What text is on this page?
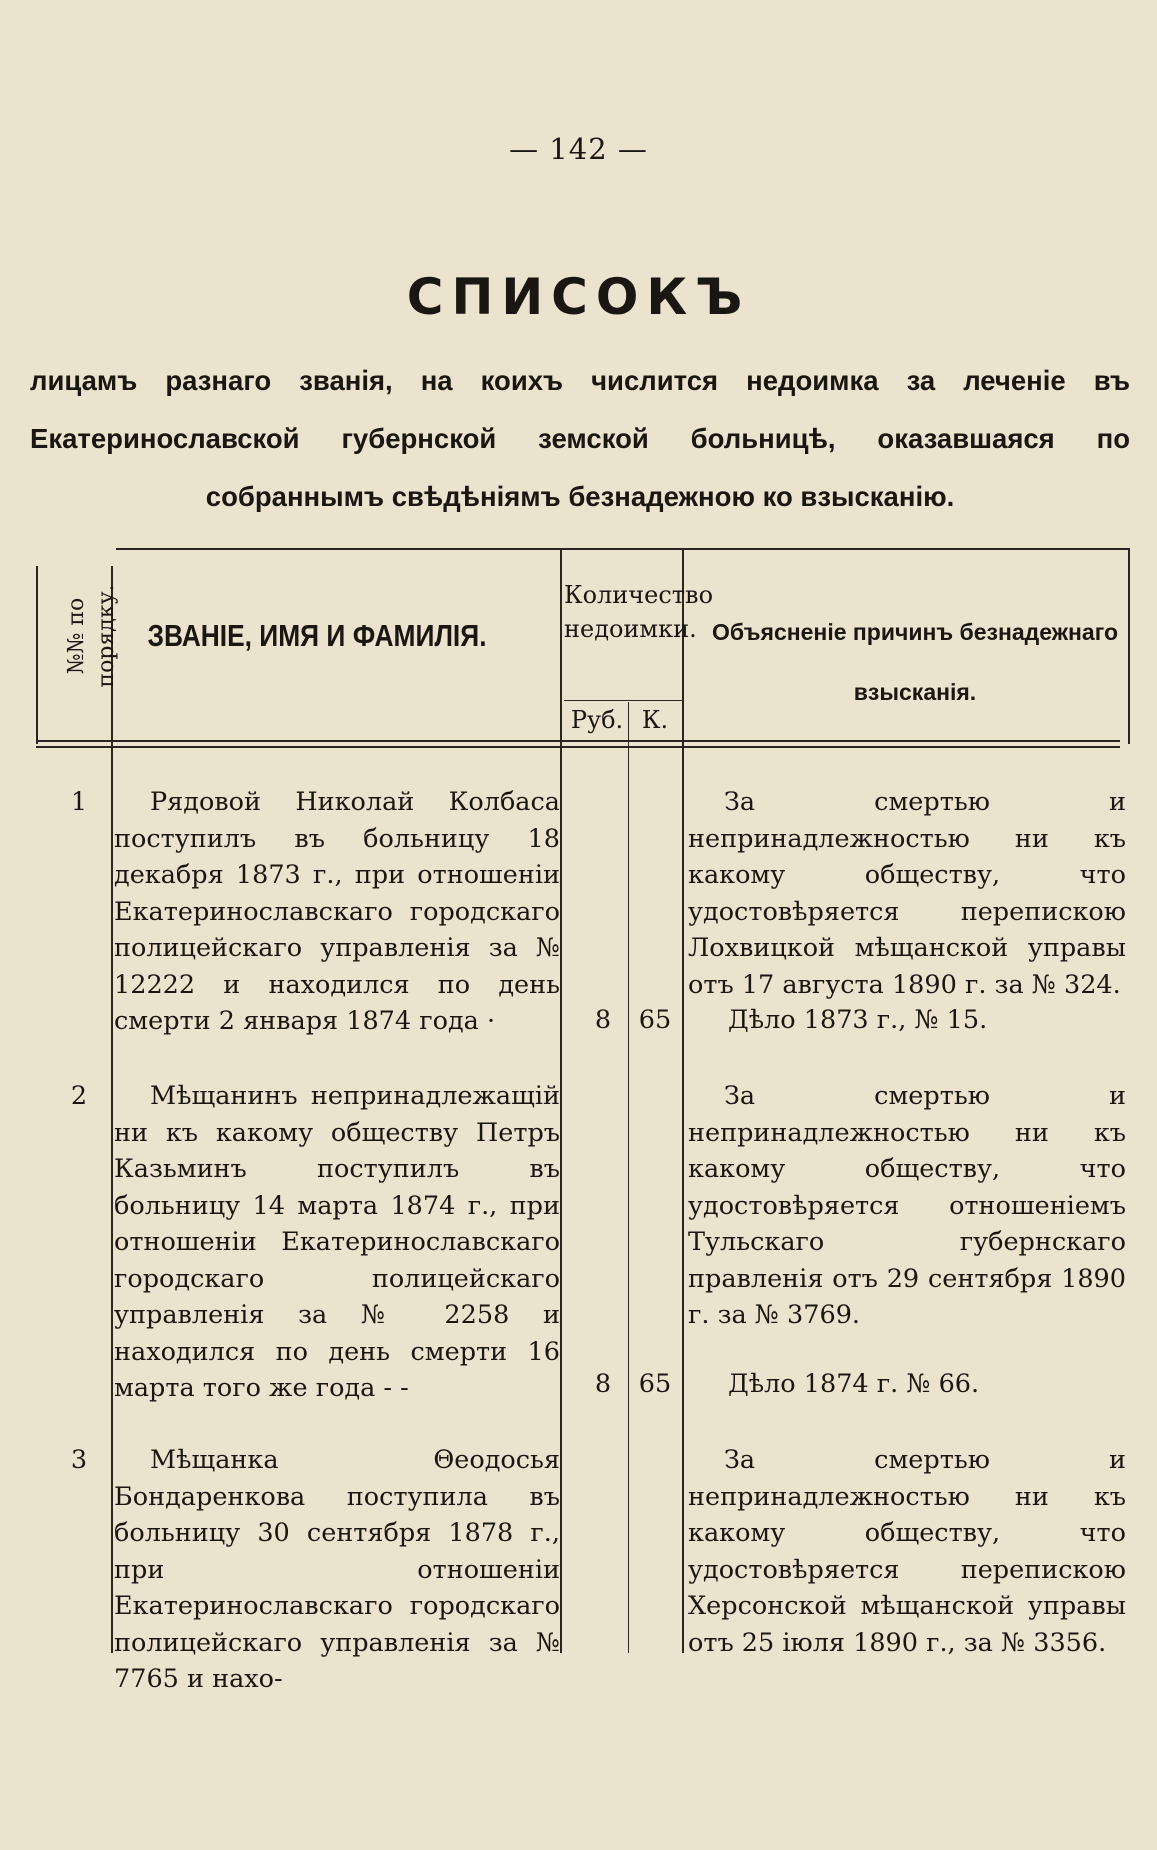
— 142 —
СПИСОКЪ
лицамъ разнаго званія, на коихъ числится недоимка за леченіе въ Екатеринославской губернской земской больницѣ, оказавшаяся по собраннымъ свѣдѣніямъ безнадежною ко взысканію.
№№ по порядку. ЗВАНІЕ, ИМЯ И ФАМИЛІЯ.
Количество недоимки.
Руб. К.
Объясненіе причинъ безнадежнаго взысканія.
1	Рядовой Николай Колбаса поступилъ въ больницу 18 декабря 1873 г., при отношеніи Екатеринославскаго городскаго полицейскаго управленія за № 12222 и находился по день смерти 2 января 1874 года ·	8	65
За смертью и непринадлежностью ни къ какому обществу, что удостовѣряется перепискою Лохвицкой мѣщанской управы отъ 17 августа 1890 г. за № 324.
Дѣло 1873 г., № 15.
2	Мѣщанинъ непринадлежащій ни къ какому обществу Петръ Казьминъ поступилъ въ больницу 14 марта 1874 г., при отношеніи Екатеринославскаго городскаго полицейскаго управленія за № 2258 и находился по день смерти 16 марта того же года - -	8	65
За смертью и непринадлежностью ни къ какому обществу, что удостовѣряется отношеніемъ Тульскаго губернскаго правленія отъ 29 сентября 1890 г. за № 3769.
Дѣло 1874 г. № 66.
3	Мѣщанка Θеодосья Бондаренкова поступила въ больницу 30 сентября 1878 г., при отношеніи Екатеринославскаго городскаго полицейскаго управленія за № 7765 и нахо-
За смертью и непринадлежностью ни къ какому обществу, что удостовѣряется перепискою Херсонской мѣщанской управы отъ 25 іюля 1890 г., за № 3356.
